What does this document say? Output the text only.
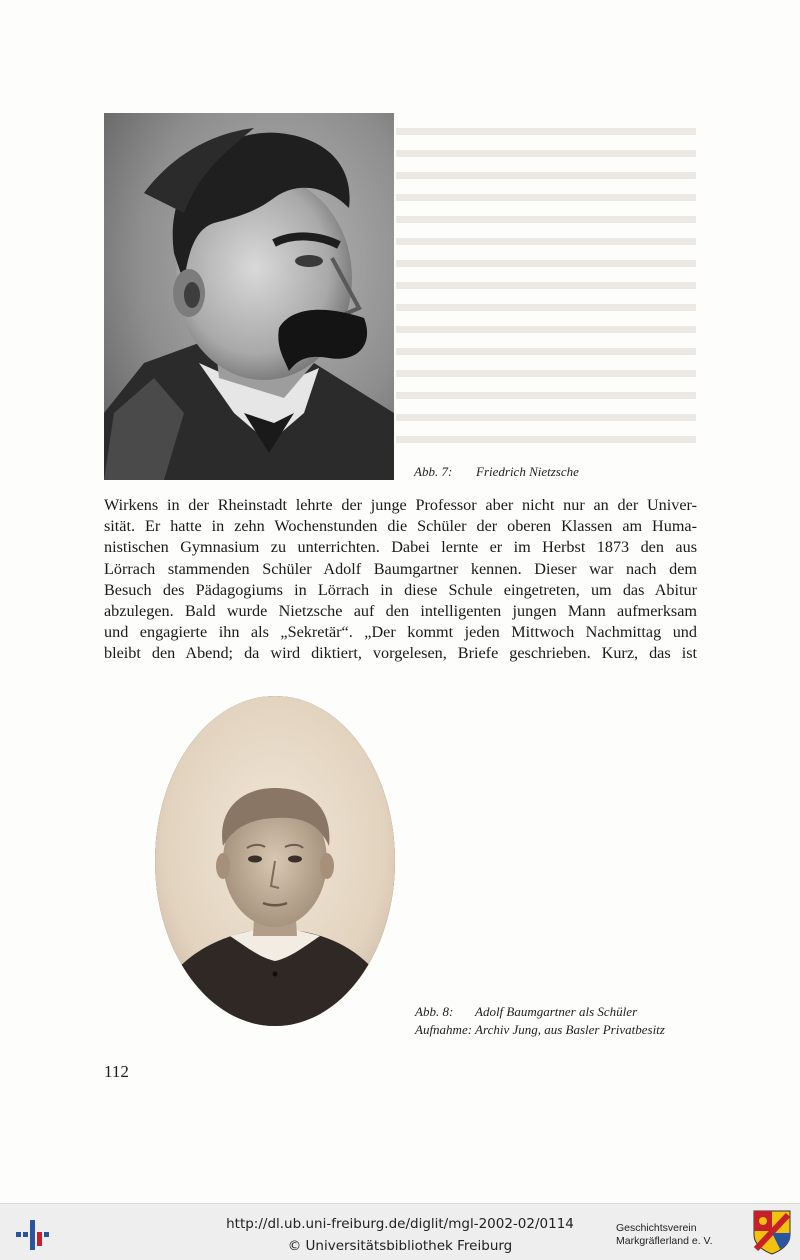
Abb. 7: Friedrich Nietzsche
Wirkens in der Rheinstadt lehrte der junge Professor aber nicht nur an der Univer-
sität. Er hatte in zehn Wochenstunden die Schüler der oberen Klassen am Huma-
nistischen Gymnasium zu unterrichten. Dabei lernte er im Herbst 1873 den aus
Lörrach stammenden Schüler Adolf Baumgartner kennen. Dieser war nach dem
Besuch des Pädagogiums in Lörrach in diese Schule eingetreten, um das Abitur
abzulegen. Bald wurde Nietzsche auf den intelligenten jungen Mann aufmerksam
und engagierte ihn als „Sekretär“. „Der kommt jeden Mittwoch Nachmittag und
bleibt den Abend; da wird diktiert, vorgelesen, Briefe geschrieben. Kurz, das ist
Abb. 8: Adolf Baumgartner als Schüler
Aufnahme: Archiv Jung, aus Basler Privatbesitz
112
http://dl.ub.uni-freiburg.de/diglit/mgl-2002-02/0114
© Universitätsbibliothek Freiburg
Geschichtsverein
Markgräflerland e. V.
